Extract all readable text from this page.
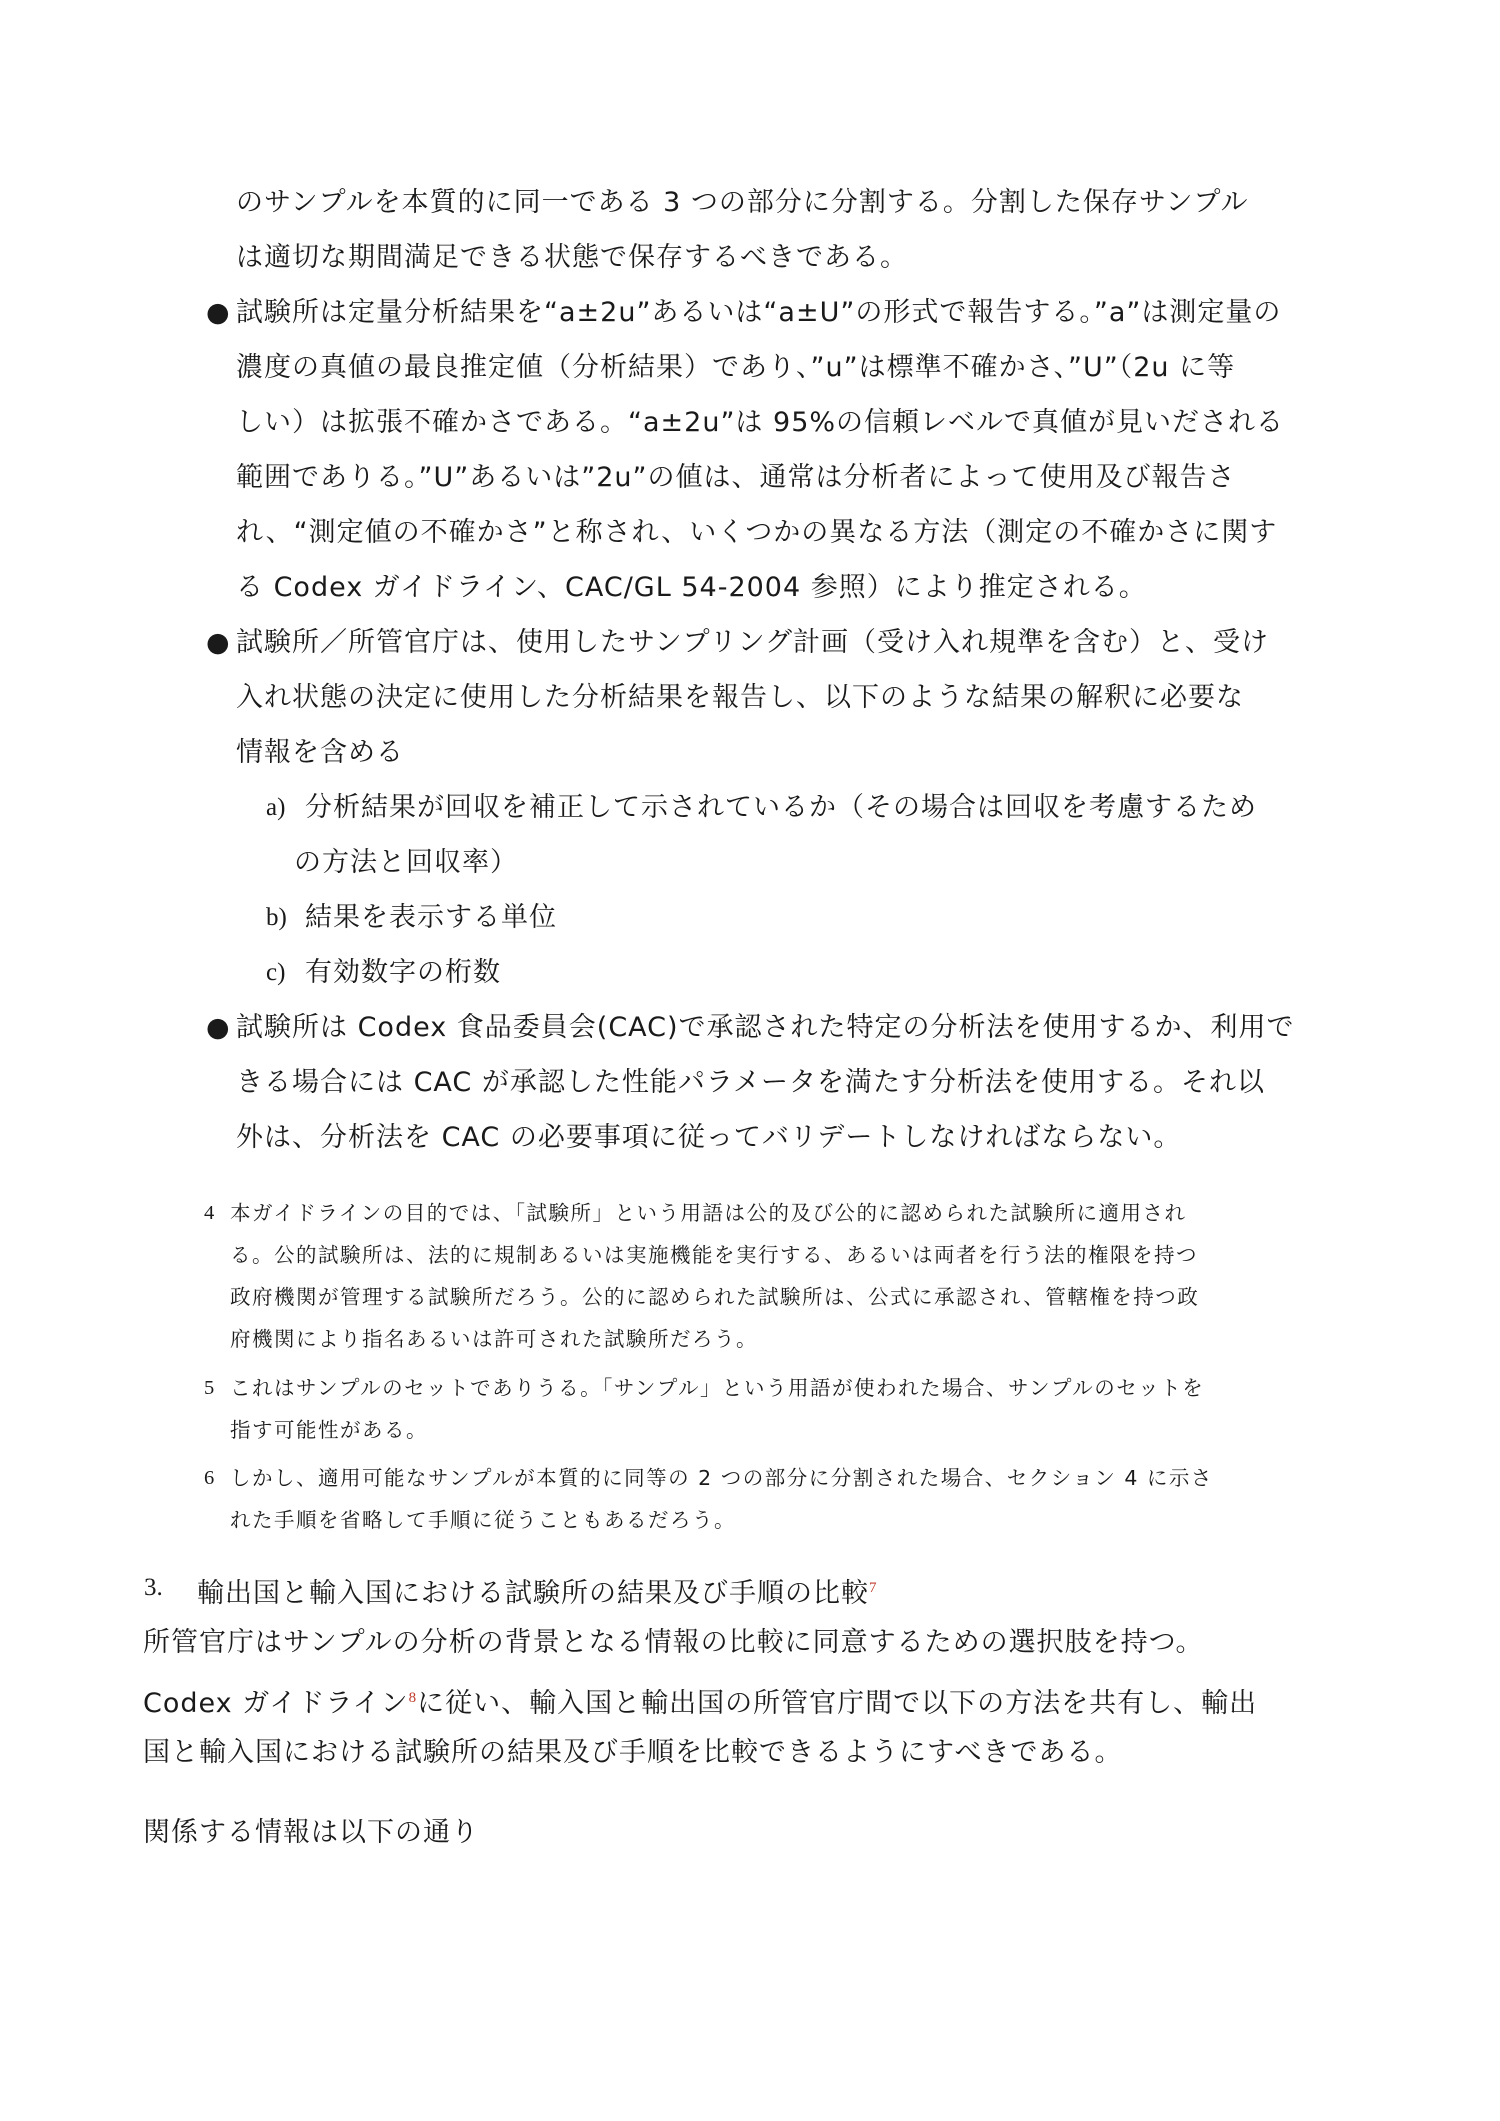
のサンプルを本質的に同一である 3 つの部分に分割する。分割した保存サンプル
は適切な期間満足できる状態で保存するべきである。
● 試験所は定量分析結果を“a±2u”あるいは“a±U”の形式で報告する。”a”は測定量の
濃度の真値の最良推定値（分析結果）であり、”u”は標準不確かさ、”U”（2u に等
しい）は拡張不確かさである。“a±2u”は 95%の信頼レベルで真値が見いだされる
範囲でありる。”U”あるいは”2u”の値は、通常は分析者によって使用及び報告さ
れ、“測定値の不確かさ”と称され、いくつかの異なる方法（測定の不確かさに関す
る Codex ガイドライン、CAC/GL 54-2004 参照）により推定される。
● 試験所／所管官庁は、使用したサンプリング計画（受け入れ規準を含む）と、受け
入れ状態の決定に使用した分析結果を報告し、以下のような結果の解釈に必要な
情報を含める
a) 分析結果が回収を補正して示されているか（その場合は回収を考慮するため
の方法と回収率）
b) 結果を表示する単位
c) 有効数字の桁数
● 試験所は Codex 食品委員会(CAC)で承認された特定の分析法を使用するか、利用で
きる場合には CAC が承認した性能パラメータを満たす分析法を使用する。それ以
外は、分析法を CAC の必要事項に従ってバリデートしなければならない。
4 本ガイドラインの目的では、「試験所」という用語は公的及び公的に認められた試験所に適用され
る。公的試験所は、法的に規制あるいは実施機能を実行する、あるいは両者を行う法的権限を持つ
政府機関が管理する試験所だろう。公的に認められた試験所は、公式に承認され、管轄権を持つ政
府機関により指名あるいは許可された試験所だろう。
5 これはサンプルのセットでありうる。「サンプル」という用語が使われた場合、サンプルのセットを
指す可能性がある。
6 しかし、適用可能なサンプルが本質的に同等の 2 つの部分に分割された場合、セクション 4 に示さ
れた手順を省略して手順に従うこともあるだろう。
3. 輸出国と輸入国における試験所の結果及び手順の比較$^7$
所管官庁はサンプルの分析の背景となる情報の比較に同意するための選択肢を持つ。
Codex ガイドライン$^8$に従い、輸入国と輸出国の所管官庁間で以下の方法を共有し、輸出
国と輸入国における試験所の結果及び手順を比較できるようにすべきである。
関係する情報は以下の通り
